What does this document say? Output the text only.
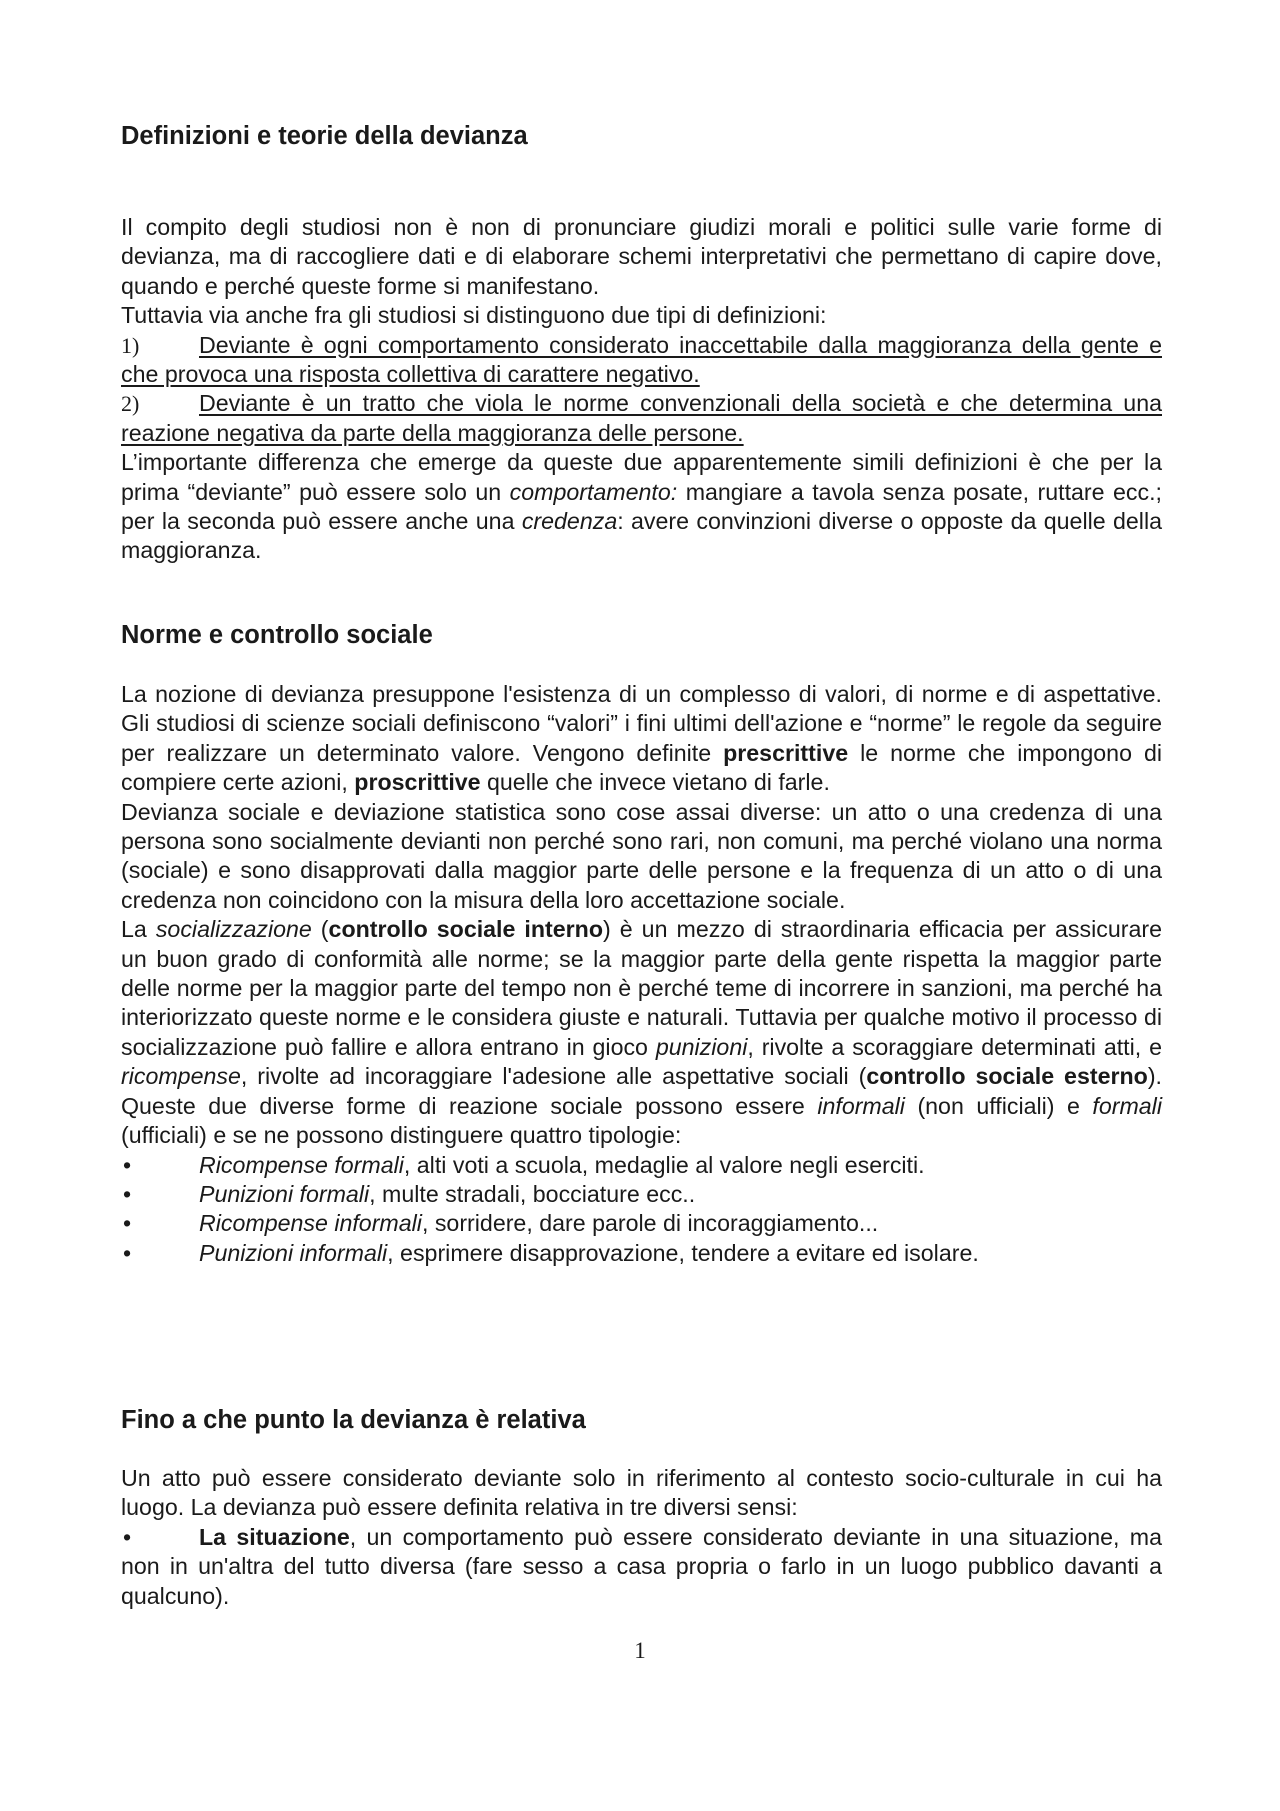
Definizioni e teorie della devianza

Il compito degli studiosi non è non di pronunciare giudizi morali e politici sulle varie forme di devianza, ma di raccogliere dati e di elaborare schemi interpretativi che permettano di capire dove, quando e perché queste forme si manifestano.

Tuttavia via anche fra gli studiosi si distinguono due tipi di definizioni:

1)	Deviante è ogni comportamento considerato inaccettabile dalla maggioranza della gente e che provoca una risposta collettiva di carattere negativo.
2)	Deviante è un tratto che viola le norme convenzionali della società e che determina una reazione negativa da parte della maggioranza delle persone.

L’importante differenza che emerge da queste due apparentemente simili definizioni è che per la prima “deviante” può essere solo un comportamento: mangiare a tavola senza posate, ruttare ecc.; per la seconda può essere anche una credenza: avere convinzioni diverse o opposte da quelle della maggioranza.

Norme e controllo sociale

La nozione di devianza presuppone l'esistenza di un complesso di valori, di norme e di aspettative. Gli studiosi di scienze sociali definiscono “valori” i fini ultimi dell'azione e “norme” le regole da seguire per realizzare un determinato valore. Vengono definite prescrittive le norme che impongono di compiere certe azioni, proscrittive quelle che invece vietano di farle.

Devianza sociale e deviazione statistica sono cose assai diverse: un atto o una credenza di una persona sono socialmente devianti non perché sono rari, non comuni, ma perché violano una norma (sociale) e sono disapprovati dalla maggior parte delle persone e la frequenza di un atto o di una credenza non coincidono con la misura della loro accettazione sociale.

La socializzazione (controllo sociale interno) è un mezzo di straordinaria efficacia per assicurare un buon grado di conformità alle norme; se la maggior parte della gente rispetta la maggior parte delle norme per la maggior parte del tempo non è perché teme di incorrere in sanzioni, ma perché ha interiorizzato queste norme e le considera giuste e naturali. Tuttavia per qualche motivo il processo di socializzazione può fallire e allora entrano in gioco punizioni, rivolte a scoraggiare determinati atti, e ricompense, rivolte ad incoraggiare l'adesione alle aspettative sociali (controllo sociale esterno). Queste due diverse forme di reazione sociale possono essere informali (non ufficiali) e formali (ufficiali) e se ne possono distinguere quattro tipologie:

•	Ricompense formali, alti voti a scuola, medaglie al valore negli eserciti.
•	Punizioni formali, multe stradali, bocciature ecc..
•	Ricompense informali, sorridere, dare parole di incoraggiamento...
•	Punizioni informali, esprimere disapprovazione, tendere a evitare ed isolare.
Fino a che punto la devianza è relativa

Un atto può essere considerato deviante solo in riferimento al contesto socio-culturale in cui ha luogo. La devianza può essere definita relativa in tre diversi sensi:

•	La situazione, un comportamento può essere considerato deviante in una situazione, ma non in un'altra del tutto diversa (fare sesso a casa propria o farlo in un luogo pubblico davanti a qualcuno).
1
